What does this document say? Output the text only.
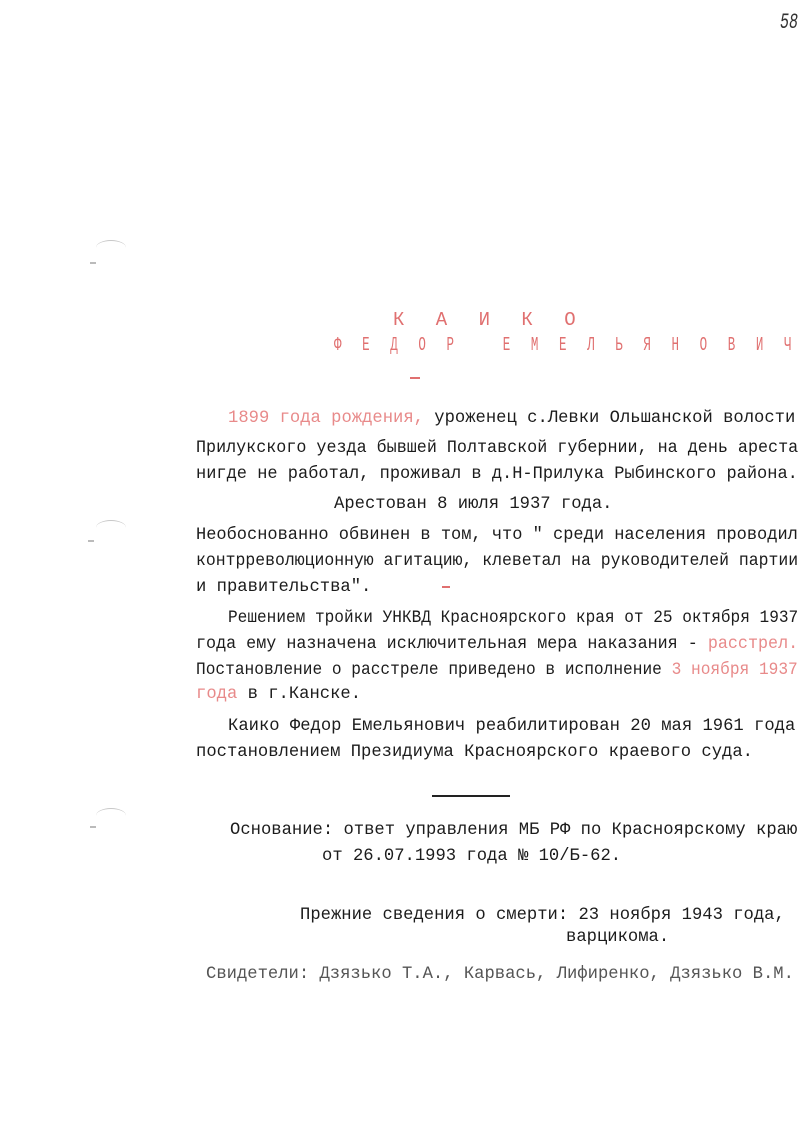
58
К А И К О
Ф Е Д О Р   Е М Е Л Ь Я Н О В И Ч
1899 года рождения, уроженец с.Левки Ольшанской волости
Прилукского уезда бывшей Полтавской губернии, на день ареста
нигде не работал, проживал в д.Н-Прилука Рыбинского района.
Арестован 8 июля 1937 года.
Необоснованно обвинен в том, что " среди населения проводил
контрреволюционную агитацию, клеветал на руководителей партии
и правительства".
Решением тройки УНКВД Красноярского края от 25 октября 1937
года ему назначена исключительная мера наказания - расстрел.
Постановление о расстреле приведено в исполнение 3 ноября 1937
года в г.Канске.
Каико Федор Емельянович реабилитирован 20 мая 1961 года
постановлением Президиума Красноярского краевого суда.
Основание: ответ управления МБ РФ по Красноярскому краю
от 26.07.1993 года № 10/Б-62.
Прежние сведения о смерти: 23 ноября 1943 года,
варцикома.
Свидетели: Дзязько Т.А., Карвась, Лифиренко, Дзязько В.М.
